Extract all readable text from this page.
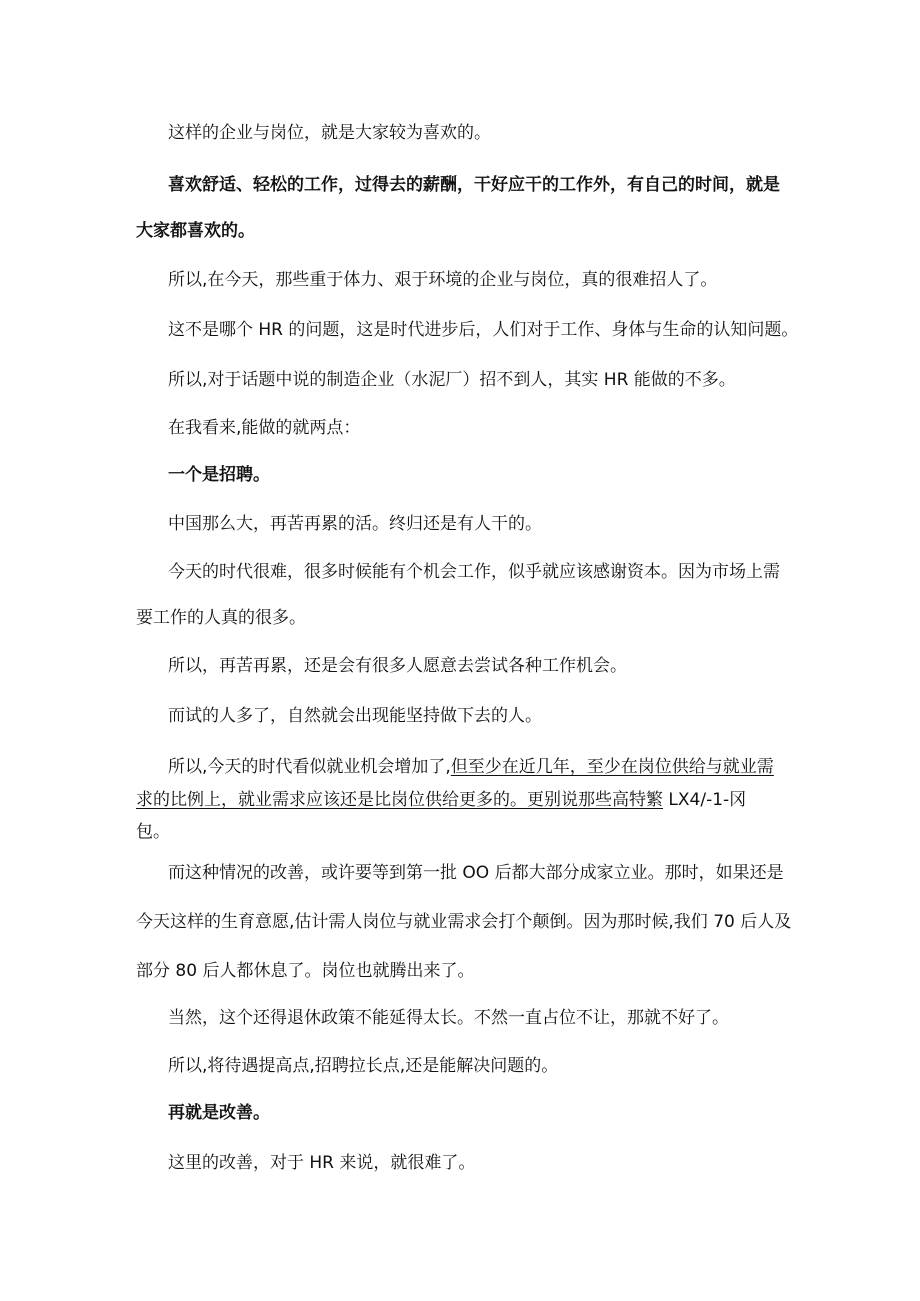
这样的企业与岗位，就是大家较为喜欢的。
喜欢舒适、轻松的工作，过得去的薪酬，干好应干的工作外，有自己的时间，就是
大家都喜欢的。
所以,在今天，那些重于体力、艰于环境的企业与岗位，真的很难招人了。
这不是哪个 HR 的问题，这是时代进步后，人们对于工作、身体与生命的认知问题。
所以,对于话题中说的制造企业（水泥厂）招不到人，其实 HR 能做的不多。
在我看来,能做的就两点：
一个是招聘。
中国那么大，再苦再累的活。终归还是有人干的。
今天的时代很难，很多时候能有个机会工作，似乎就应该感谢资本。因为市场上需
要工作的人真的很多。
所以，再苦再累，还是会有很多人愿意去尝试各种工作机会。
而试的人多了，自然就会出现能坚持做下去的人。
所以,今天的时代看似就业机会增加了,但至少在近几年，至少在岗位供给与就业需
求的比例上，就业需求应该还是比岗位供给更多的。更别说那些高特繁 LX4/-1-冈
包。
而这种情况的改善，或许要等到第一批 OO 后都大部分成家立业。那时，如果还是
今天这样的生育意愿,估计需人岗位与就业需求会打个颠倒。因为那时候,我们 70 后人及
部分 80 后人都休息了。岗位也就腾出来了。
当然，这个还得退休政策不能延得太长。不然一直占位不让，那就不好了。
所以,将待遇提高点,招聘拉长点,还是能解决问题的。
再就是改善。
这里的改善，对于 HR 来说，就很难了。
